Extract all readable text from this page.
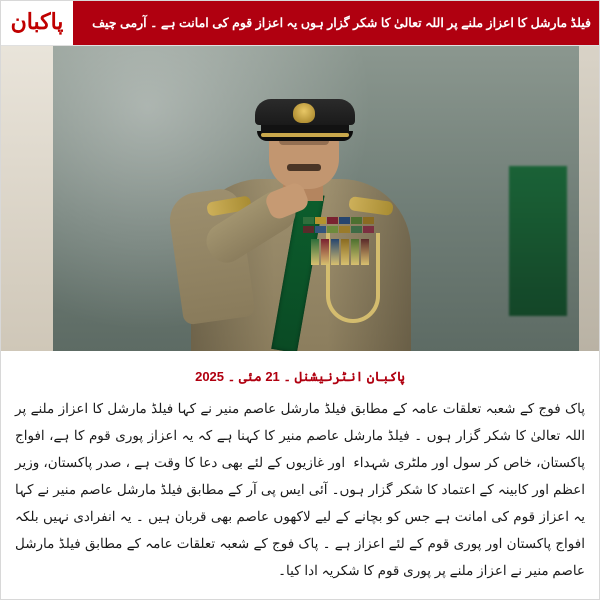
پاکبان فیلڈ مارشل کا اعزاز ملنے پر اللہ تعالیٰ کا شکر گزار ہوں یہ اعزاز قوم کی امانت ہے ۔ آرمی چیف
پاکبان انٹرنیشنل ۔ 21 مئی ۔ 2025
پاک فوج کے شعبہ تعلقات عامہ کے مطابق فیلڈ مارشل عاصم منیر نے کہا فیلڈ مارشل کا اعزاز ملنے پر اللہ تعالیٰ کا شکر گزار ہوں ۔ فیلڈ مارشل عاصم منیر کا کہنا ہے کہ یہ اعزاز پوری قوم کا ہے، افواج پاکستان، خاص کر سول اور ملٹری شہداء ‎ ‎اور غازیوں کے لئے بھی دعا کا وقت ہے ، صدر پاکستان، وزیر اعظم اور کابینہ کے اعتماد کا شکر گزار ہوں۔ آئی ایس پی آر کے مطابق فیلڈ مارشل عاصم منیر نے کہا یہ اعزاز قوم کی امانت ہے جس کو بچانے کے لیے لاکھوں عاصم بھی قربان ہیں ۔ یہ انفرادی نہیں بلکہ افواج پاکستان اور پوری قوم کے لئے اعزاز ہے ۔ پاک فوج کے شعبہ تعلقات عامہ کے مطابق فیلڈ مارشل عاصم منیر نے اعزاز ملنے پر پوری قوم کا شکریہ ادا کیا۔
